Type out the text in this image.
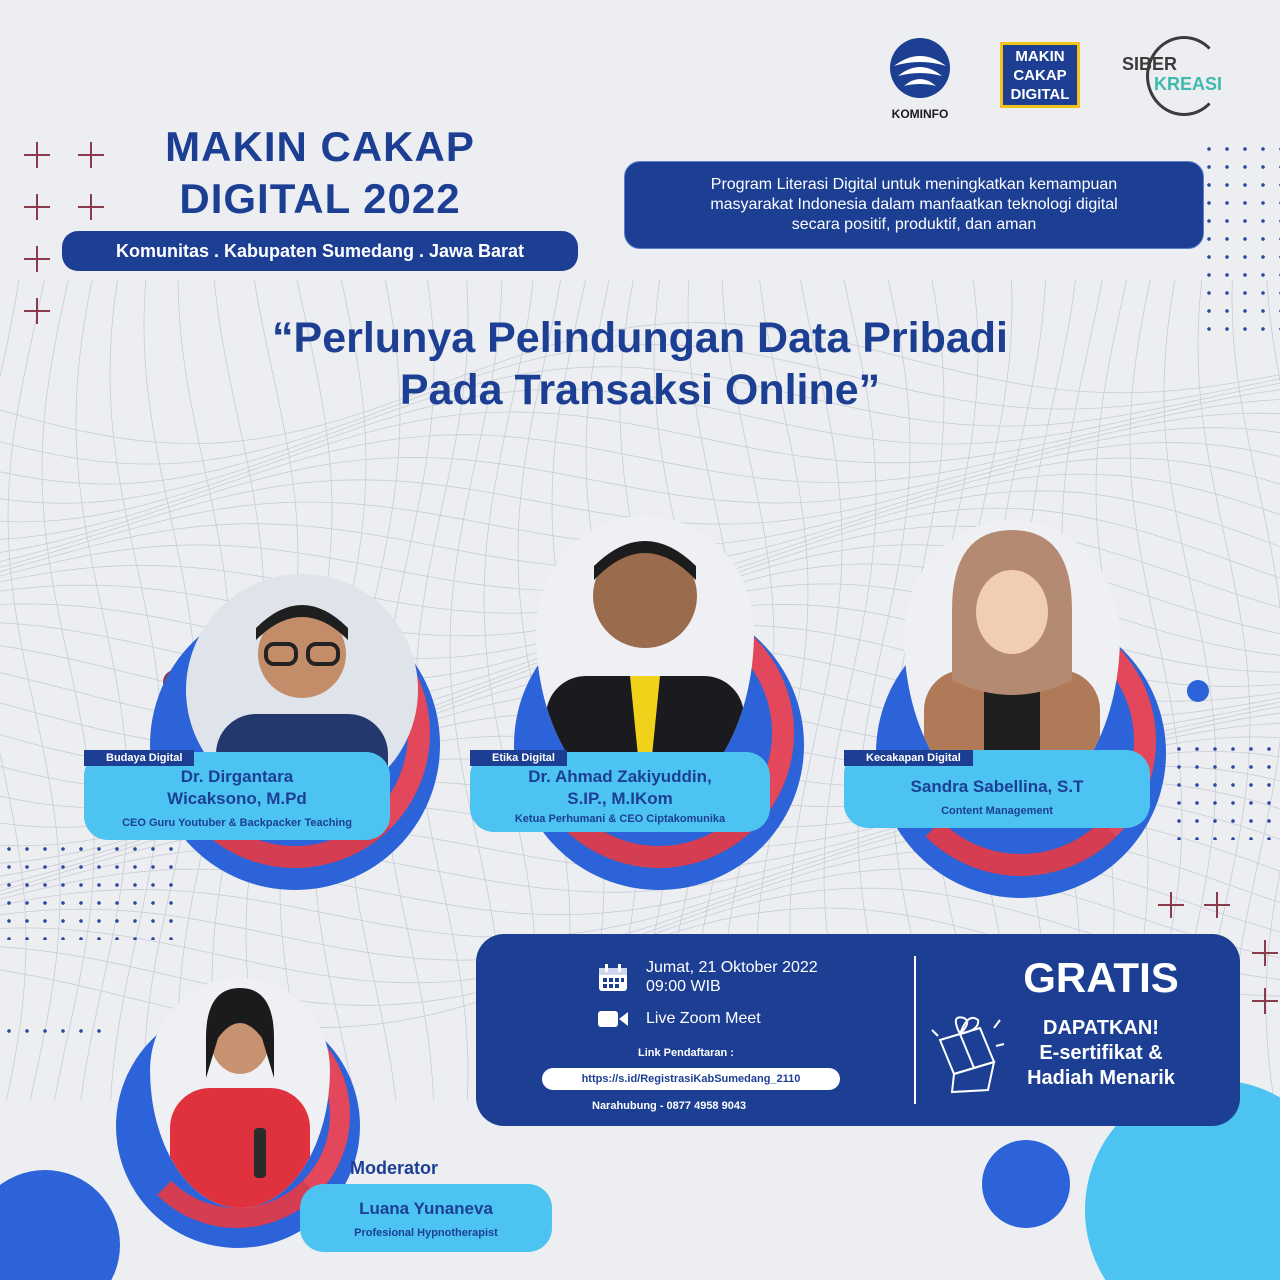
KOMINFO
MAKIN
CAKAP
DIGITAL
SIBER
KREASI
MAKIN CAKAP
DIGITAL 2022
Komunitas . Kabupaten Sumedang . Jawa Barat
Program Literasi Digital untuk meningkatkan kemampuan
masyarakat Indonesia dalam manfaatkan teknologi digital
secara positif, produktif, dan aman
“Perlunya Pelindungan Data Pribadi
Pada Transaksi Online”
Dr. Dirgantara
Wicaksono, M.Pd
CEO Guru Youtuber & Backpacker Teaching
Budaya Digital
Dr. Ahmad Zakiyuddin,
S.IP., M.IKom
Ketua Perhumani & CEO Ciptakomunika
Etika Digital
Sandra Sabellina, S.T
Content Management
Kecakapan Digital
Luana Yunaneva
Profesional Hypnotherapist
Moderator
Jumat, 21 Oktober 2022
09:00 WIB
Live Zoom Meet
Link Pendaftaran :
https://s.id/RegistrasiKabSumedang_2110
Narahubung - 0877 4958 9043
GRATIS
DAPATKAN!
E-sertifikat &
Hadiah Menarik
